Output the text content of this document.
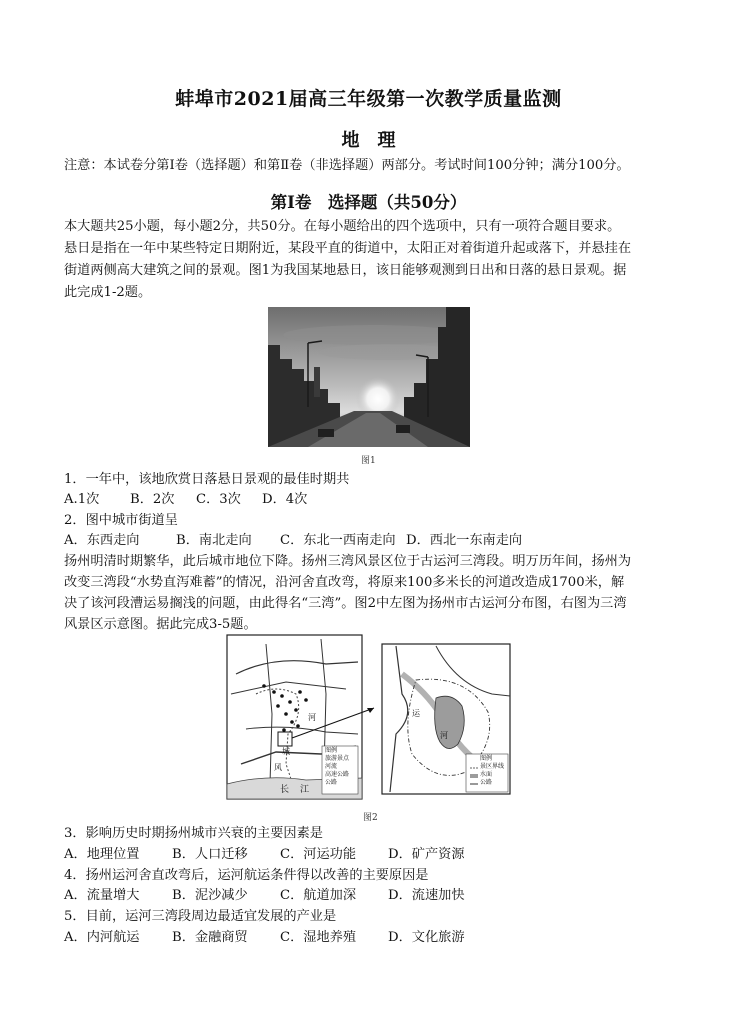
蚌埠市2021届高三年级第一次教学质量监测
地　理
注意：本试卷分第Ⅰ卷（选择题）和第Ⅱ卷（非选择题）两部分。考试时间100分钟；满分100分。
第Ⅰ卷　选择题（共50分）
本大题共25小题，每小题2分，共50分。在每小题给出的四个选项中，只有一项符合题目要求。
悬日是指在一年中某些特定日期附近，某段平直的街道中，太阳正对着街道升起或落下，并悬挂在
街道两侧高大建筑之间的景观。图1为我国某地悬日，该日能够观测到日出和日落的悬日景观。据
此完成1-2题。
图1
1．一年中，该地欣赏日落悬日景观的最佳时期共
A.1次 B．2次 C．3次 D．4次
2．图中城市街道呈
A．东西走向	B．南北走向 C．东北一西南走向 D．西北一东南走向
扬州明清时期繁华，此后城市地位下降。扬州三湾风景区位于古运河三湾段。明万历年间，扬州为
改变三湾段“水势直泻难蓄”的情况，沿河舍直改弯，将原来100多米长的河道改造成1700米，解
决了该河段漕运易搁浅的问题，由此得名“三湾”。图2中左图为扬州市古运河分布图，右图为三湾
风景区示意图。据此完成3-5题。
长 江
城
河
风
图例
旅游景点
河流
高速公路
公路
运
河
图例
景区界线
水面
公路
图2
3．影响历史时期扬州城市兴衰的主要因素是
A．地理位置 B．人口迁移 C．河运功能 D．矿产资源
4．扬州运河舍直改弯后，运河航运条件得以改善的主要原因是
A．流量增大 B．泥沙减少 C．航道加深 D．流速加快
5．目前，运河三湾段周边最适宜发展的产业是
A．内河航运 B．金融商贸 C．湿地养殖 D．文化旅游
